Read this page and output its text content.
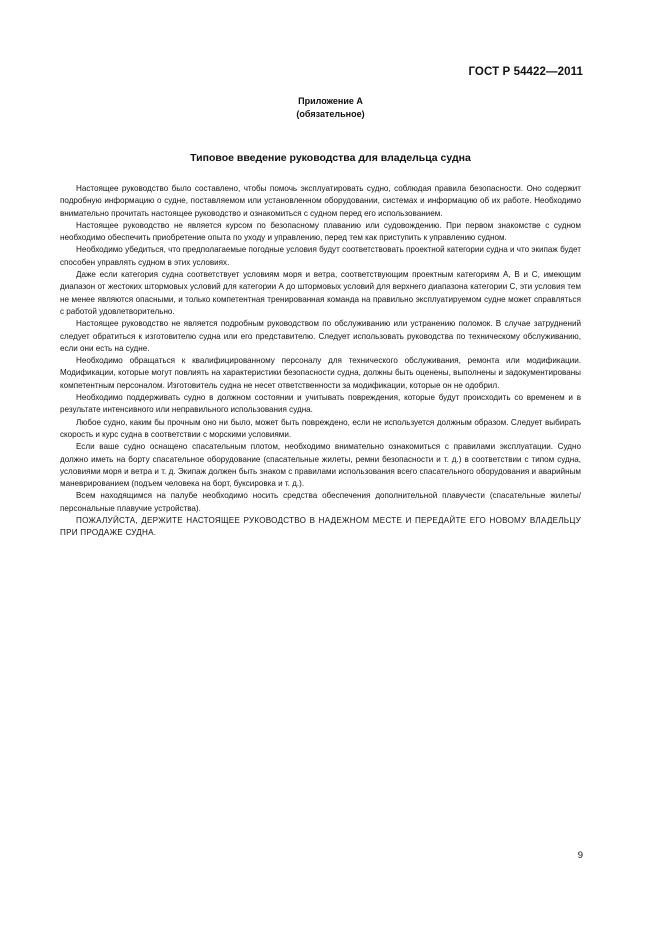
ГОСТ Р 54422—2011
Приложение А
(обязательное)
Типовое введение руководства для владельца судна

Настоящее руководство было составлено, чтобы помочь эксплуатировать судно, соблюдая правила безопасности. Оно содержит подробную информацию о судне, поставляемом или установленном оборудовании, системах и информацию об их работе. Необходимо внимательно прочитать настоящее руководство и ознакомиться с судном перед его использованием.

Настоящее руководство не является курсом по безопасному плаванию или судовождению. При первом знакомстве с судном необходимо обеспечить приобретение опыта по уходу и управлению, перед тем как приступить к управлению судном.

Необходимо убедиться, что предполагаемые погодные условия будут соответствовать проектной категории судна и что экипаж будет способен управлять судном в этих условиях.

Даже если категория судна соответствует условиям моря и ветра, соответствующим проектным категориям А, В и С, имеющим диапазон от жестоких штормовых условий для категории А до штормовых условий для верхнего диапазона категории С, эти условия тем не менее являются опасными, и только компетентная тренированная команда на правильно эксплуатируемом судне может справляться с работой удовлетворительно.

Настоящее руководство не является подробным руководством по обслуживанию или устранению поломок. В случае затруднений следует обратиться к изготовителю судна или его представителю. Следует использовать руководства по техническому обслуживанию, если они есть на судне.

Необходимо обращаться к квалифицированному персоналу для технического обслуживания, ремонта или модификации. Модификации, которые могут повлиять на характеристики безопасности судна, должны быть оценены, выполнены и задокументированы компетентным персоналом. Изготовитель судна не несет ответственности за модификации, которые он не одобрил.

Необходимо поддерживать судно в должном состоянии и учитывать повреждения, которые будут происходить со временем и в результате интенсивного или неправильного использования судна.

Любое судно, каким бы прочным оно ни было, может быть повреждено, если не используется должным образом. Следует выбирать скорость и курс судна в соответствии с морскими условиями.

Если ваше судно оснащено спасательным плотом, необходимо внимательно ознакомиться с правилами эксплуатации. Судно должно иметь на борту спасательное оборудование (спасательные жилеты, ремни безопасности и т. д.) в соответствии с типом судна, условиями моря и ветра и т. д. Экипаж должен быть знаком с правилами использования всего спасательного оборудования и аварийным маневрированием (подъем человека на борт, буксировка и т. д.).

Всем находящимся на палубе необходимо носить средства обеспечения дополнительной плавучести (спасательные жилеты/персональные плавучие устройства).

ПОЖАЛУЙСТА, ДЕРЖИТЕ НАСТОЯЩЕЕ РУКОВОДСТВО В НАДЕЖНОМ МЕСТЕ И ПЕРЕДАЙТЕ ЕГО НОВОМУ ВЛАДЕЛЬЦУ ПРИ ПРОДАЖЕ СУДНА.

9
